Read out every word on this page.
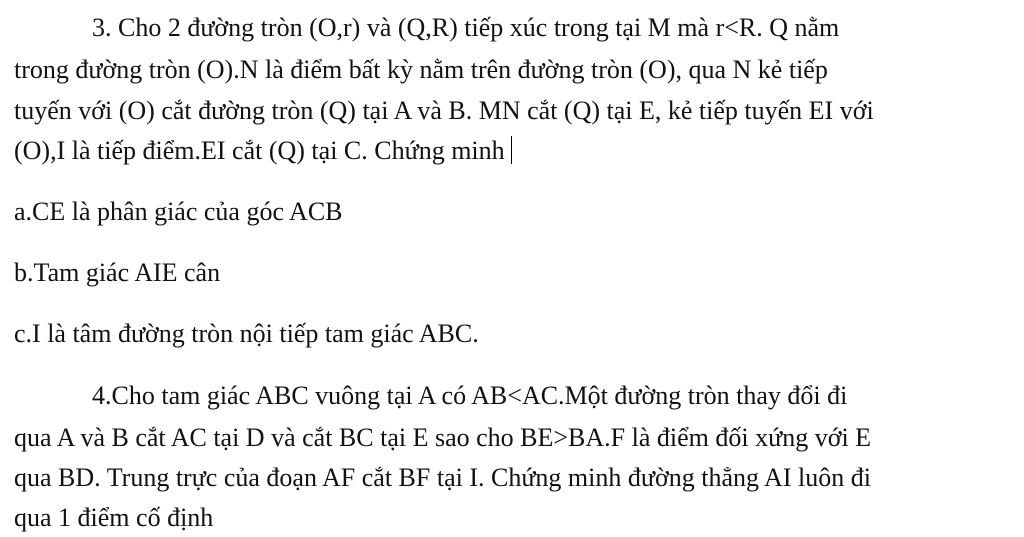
3. Cho 2 đường tròn (O,r) và (Q,R) tiếp xúc trong tại M mà r<R. Q nằm
trong đường tròn (O).N là điểm bất kỳ nằm trên đường tròn (O), qua N kẻ tiếp
tuyến với (O) cắt đường tròn (Q) tại A và B. MN cắt (Q) tại E, kẻ tiếp tuyến EI với
(O),I là tiếp điểm.EI cắt (Q) tại C. Chứng minh
a.CE là phân giác của góc ACB
b.Tam giác AIE cân
c.I là tâm đường tròn nội tiếp tam giác ABC.
4.Cho tam giác ABC vuông tại A có AB<AC.Một đường tròn thay đổi đi
qua A và B cắt AC tại D và cắt BC tại E sao cho BE>BA.F là điểm đối xứng với E
qua BD. Trung trực của đoạn AF cắt BF tại I. Chứng minh đường thẳng AI luôn đi
qua 1 điểm cố định
